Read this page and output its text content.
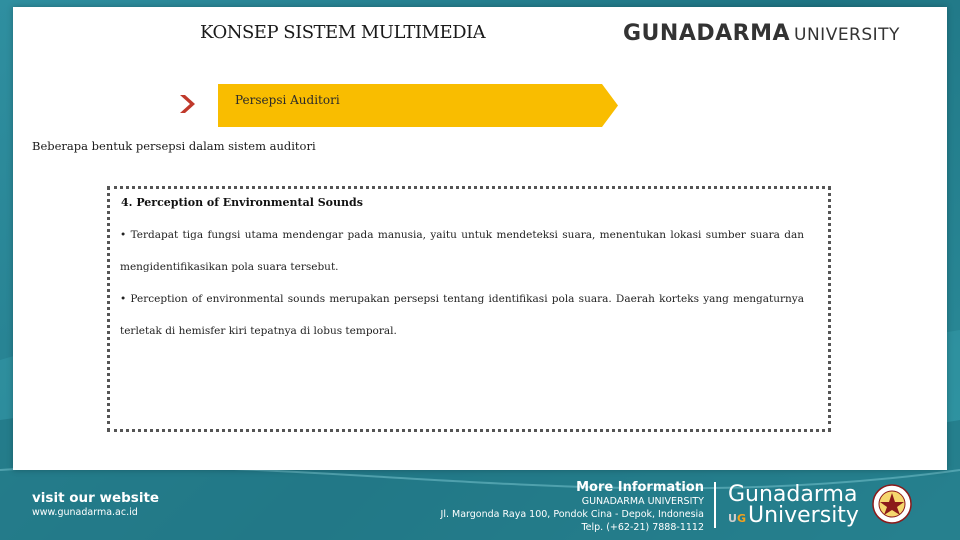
KONSEP SISTEM MULTIMEDIA	GUNADARMA UNIVERSITY
Persepsi Auditori
Beberapa bentuk persepsi dalam sistem auditori
4. Perception of Environmental Sounds
• Terdapat tiga fungsi utama mendengar pada manusia, yaitu untuk mendeteksi suara, menentukan lokasi sumber suara dan mengidentifikasikan pola suara tersebut.
• Perception of environmental sounds merupakan persepsi tentang identifikasi pola suara. Daerah korteks yang mengaturnya terletak di hemisfer kiri tepatnya di lobus temporal.
visit our website
www.gunadarma.ac.id
More Information
GUNADARMA UNIVERSITY
Jl. Margonda Raya 100, Pondok Cina - Depok, Indonesia
Telp. (+62-21) 7888-1112
Gunadarma
UGUniversity
